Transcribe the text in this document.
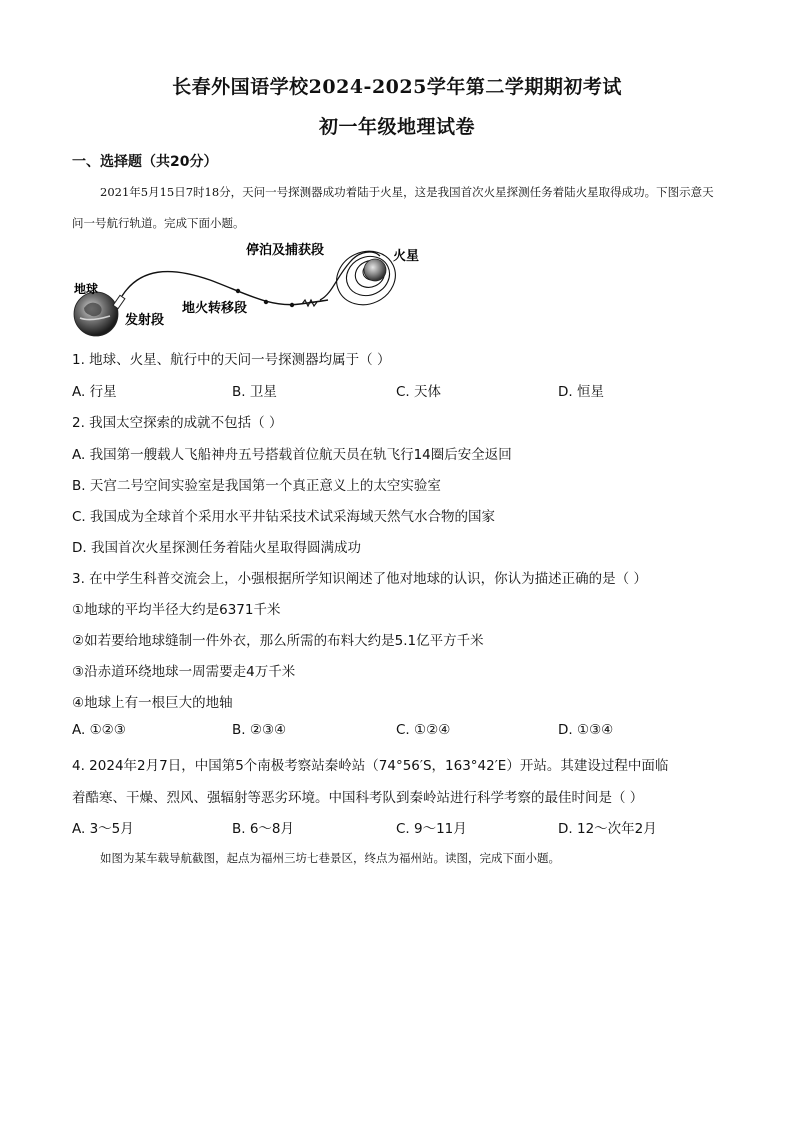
长春外国语学校2024-2025学年第二学期期初考试
初一年级地理试卷
一、选择题（共20分）
2021年5月15日7时18分，天问一号探测器成功着陆于火星，这是我国首次火星探测任务着陆火星取得成功。下图示意天问一号航行轨道。完成下面小题。
地球
发射段
地火转移段
停泊及捕获段	火星
1. 地球、火星、航行中的天问一号探测器均属于（ ）
A. 行星	B. 卫星	C. 天体	D. 恒星
2. 我国太空探索的成就不包括（ ）
A. 我国第一艘载人飞船神舟五号搭载首位航天员在轨飞行14圈后安全返回
B. 天宫二号空间实验室是我国第一个真正意义上的太空实验室
C. 我国成为全球首个采用水平井钻采技术试采海域天然气水合物的国家
D. 我国首次火星探测任务着陆火星取得圆满成功
3. 在中学生科普交流会上，小强根据所学知识阐述了他对地球的认识，你认为描述正确的是（ ）
①地球的平均半径大约是6371千米
②如若要给地球缝制一件外衣，那么所需的布料大约是5.1亿平方千米
③沿赤道环绕地球一周需要走4万千米
④地球上有一根巨大的地轴
A. ①②③	B. ②③④	C. ①②④	D. ①③④
4. 2024年2月7日，中国第5个南极考察站秦岭站（74°56′S，163°42′E）开站。其建设过程中面临
着酷寒、干燥、烈风、强辐射等恶劣环境。中国科考队到秦岭站进行科学考察的最佳时间是（ ）
A. 3～5月	B. 6～8月	C. 9～11月	D. 12～次年2月
如图为某车载导航截图，起点为福州三坊七巷景区，终点为福州站。读图，完成下面小题。
